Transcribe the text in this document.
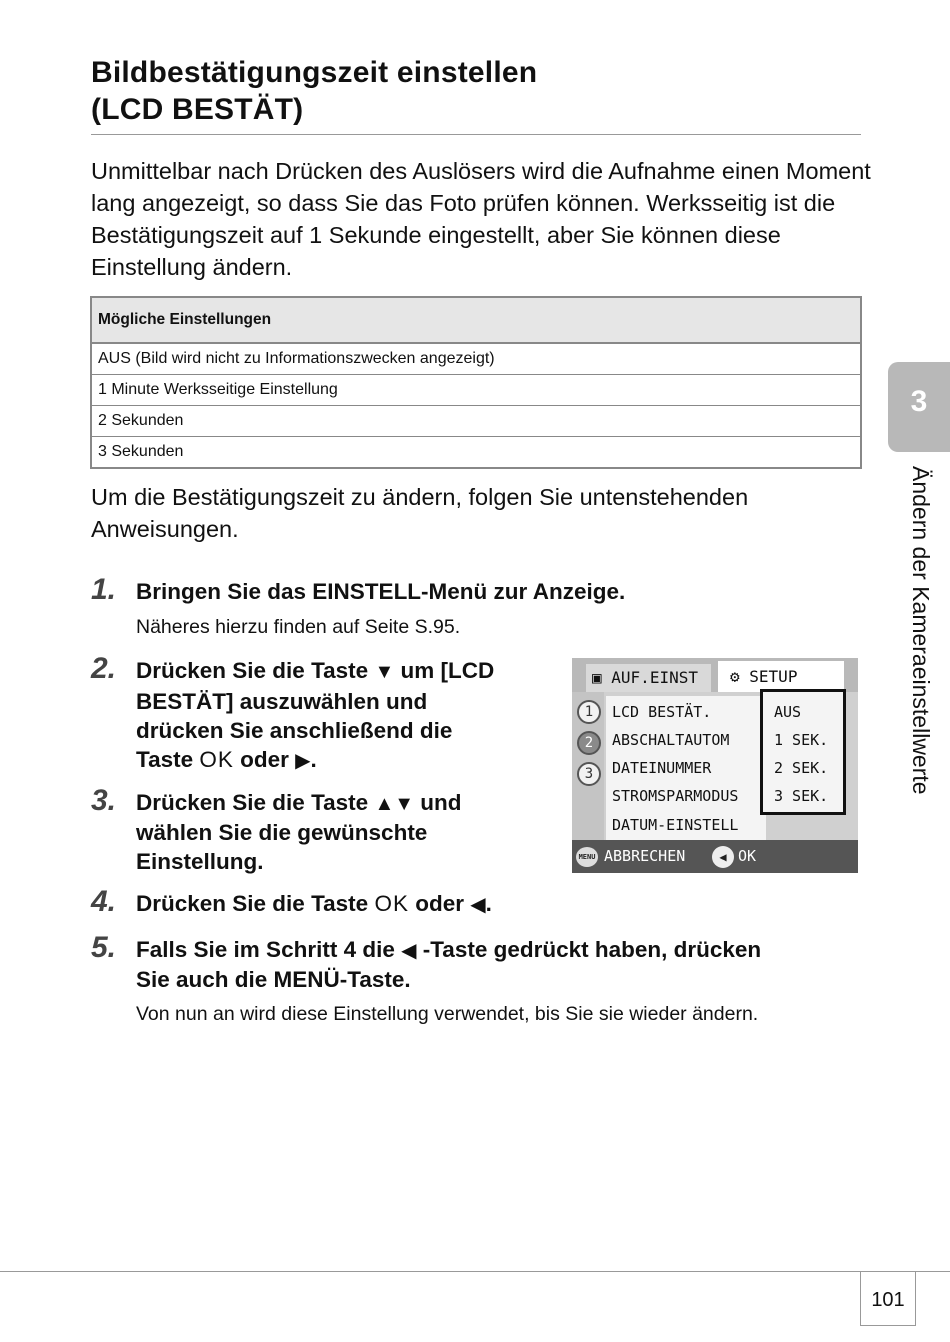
Bildbestätigungszeit einstellen
(LCD BESTÄT)
Unmittelbar nach Drücken des Auslösers wird die Aufnahme einen Moment lang angezeigt, so dass Sie das Foto prüfen können. Werksseitig ist die Bestätigungszeit auf 1 Sekunde eingestellt, aber Sie können diese Einstellung ändern.
Mögliche Einstellungen
AUS (Bild wird nicht zu Informationszwecken angezeigt)
1 Minute Werksseitige Einstellung
2 Sekunden
3 Sekunden
Um die Bestätigungszeit zu ändern, folgen Sie untenstehenden Anweisungen.
1. Bringen Sie das EINSTELL-Menü zur Anzeige.
Näheres hierzu finden auf Seite S.95.
2. Drücken Sie die Taste ▼ um [LCD
BESTÄT] auszuwählen und
drücken Sie anschließend die
Taste OK oder ▶.
3. Drücken Sie die Taste ▲▼ und
wählen Sie die gewünschte
Einstellung.
4. Drücken Sie die Taste OK oder ◀.
5. Falls Sie im Schritt 4 die ◀ -Taste gedrückt haben, drücken
Sie auch die MENÜ-Taste.
Von nun an wird diese Einstellung verwendet, bis Sie sie wieder ändern.
▣ AUF.EINST	⚙ SETUP
1
2
3
LCD BESTÄT.
ABSCHALTAUTOM
DATEINUMMER
STROMSPARMODUS
DATUM-EINSTELL
AUS
1 SEK.
2 SEK.
3 SEK.
MENU ABBRECHEN	◀ OK
3
Ändern der Kameraeinstellwerte
101
